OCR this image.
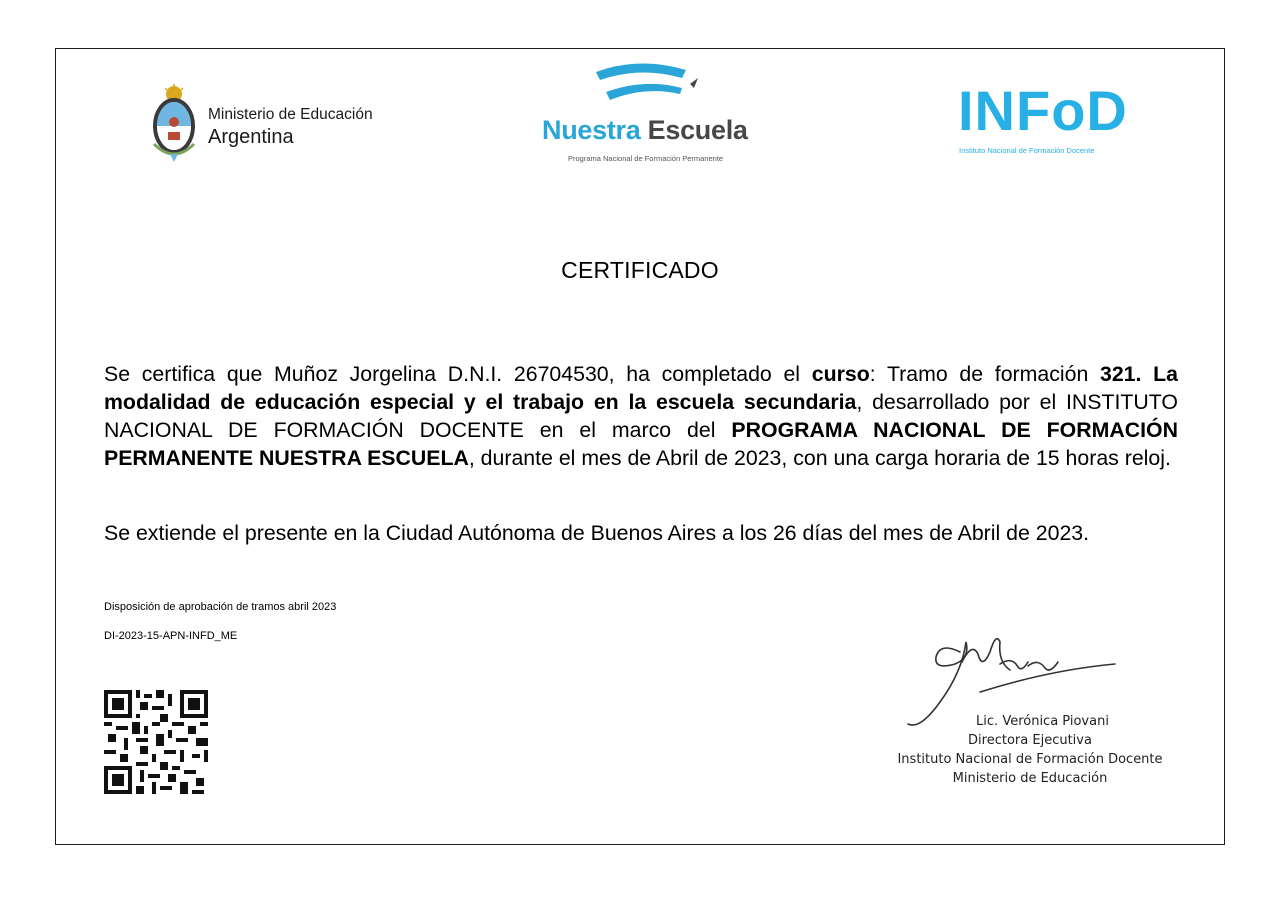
Ministerio de Educación
Argentina	Nuestra Escuela
Programa Nacional de Formación Permanente
INFoD
Instituto Nacional de Formación Docente
CERTIFICADO
Se certifica que Muñoz Jorgelina D.N.I. 26704530, ha completado el curso: Tramo de formación 321. La modalidad de educación especial y el trabajo en la escuela secundaria, desarrollado por el INSTITUTO NACIONAL DE FORMACIÓN DOCENTE en el marco del PROGRAMA NACIONAL DE FORMACIÓN PERMANENTE NUESTRA ESCUELA, durante el mes de Abril de 2023, con una carga horaria de 15 horas reloj.
Se extiende el presente en la Ciudad Autónoma de Buenos Aires a los 26 días del mes de Abril de 2023.
Disposición de aprobación de tramos abril 2023
DI-2023-15-APN-INFD_ME
Lic. Verónica Piovani
Directora Ejecutiva
Instituto Nacional de Formación Docente
Ministerio de Educación
